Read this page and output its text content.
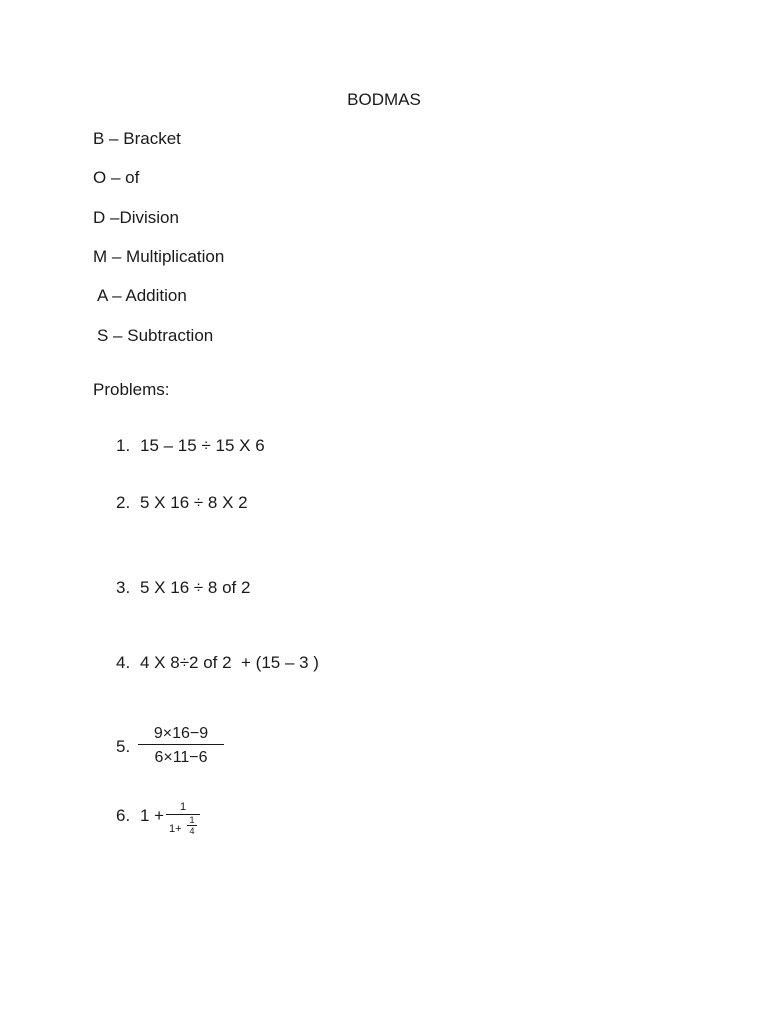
BODMAS
B – Bracket
O – of
D –Division
M – Multiplication
A – Addition
S – Subtraction
Problems:
1. 15 – 15 ÷ 15 X 6
2. 5 X 16 ÷ 8 X 2
3. 5 X 16 ÷ 8 of 2
4. 4 X 8÷2 of 2  + (15 – 3 )
5.
9×16−9
6×11−6
6. 1 +	1
1+
1
4
